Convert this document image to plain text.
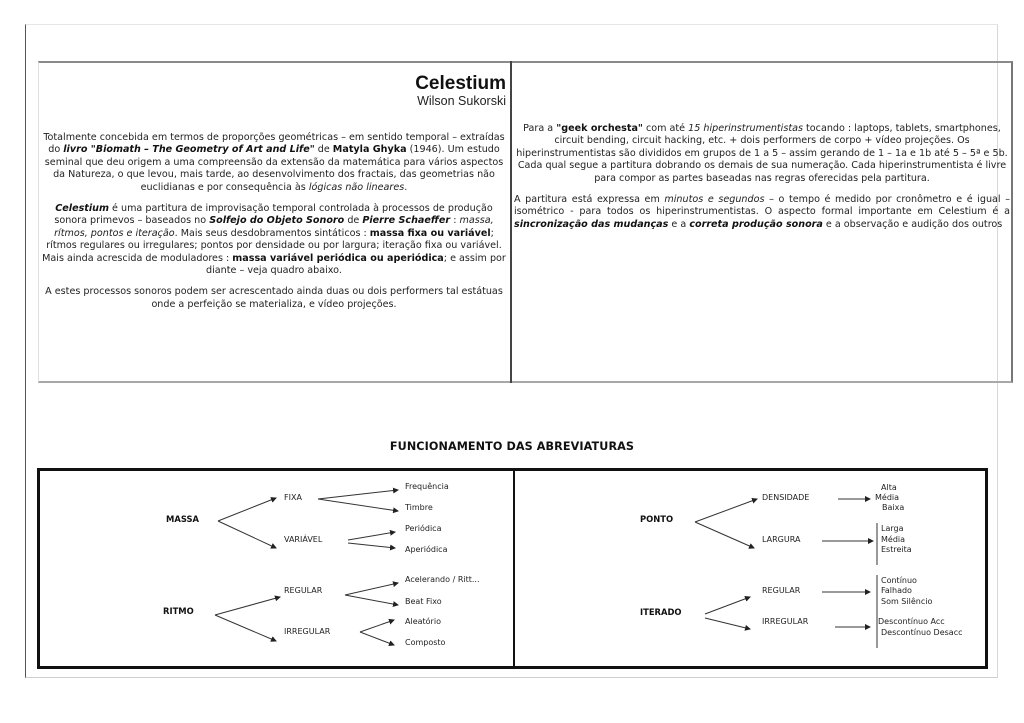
Celestium
Wilson Sukorski

Totalmente concebida em termos de proporções geométricas – em sentido temporal – extraídas do livro "Biomath – The Geometry of Art and Life" de Matyla Ghyka (1946). Um estudo seminal que deu origem a uma compreensão da extensão da matemática para vários aspectos da Natureza, o que levou, mais tarde, ao desenvolvimento dos fractais, das geometrias não euclidianas e por consequência às lógicas não lineares.

Celestium é uma partitura de improvisação temporal controlada à processos de produção sonora primevos – baseados no Solfejo do Objeto Sonoro de Pierre Schaeffer : massa, rítmos, pontos e iteração. Mais seus desdobramentos sintáticos : massa fixa ou variável; rítmos regulares ou irregulares; pontos por densidade ou por largura; iteração fixa ou variável. Mais ainda acrescida de moduladores : massa variável periódica ou aperiódica; e assim por diante – veja quadro abaixo.

A estes processos sonoros podem ser acrescentado ainda duas ou dois performers tal estátuas onde a perfeição se materializa, e vídeo projeções.

Para a "geek orchesta" com até 15 hiperinstrumentistas tocando : laptops, tablets, smartphones, circuit bending, circuit hacking, etc. + dois performers de corpo + vídeo projeções. Os hiperinstrumentistas são divididos em grupos de 1 a 5 – assim gerando de 1 – 1a e 1b até 5 – 5ª e 5b. Cada qual segue a partitura dobrando os demais de sua numeração. Cada hiperinstrumentista é livre para compor as partes baseadas nas regras oferecidas pela partitura.

A partitura está expressa em minutos e segundos – o tempo é medido por cronômetro e é igual – isométrico - para todos os hiperinstrumentistas. O aspecto formal importante em Celestium é a sincronização das mudanças e a correta produção sonora e a observação e audição dos outros

FUNCIONAMENTO DAS ABREVIATURAS
MASSA
FIXA
VARIÁVEL
Frequência
Timbre
Periódica
Aperiódica
RITMO
REGULAR
IRREGULAR
Acelerando / Ritt...
Beat Fixo
Aleatório
Composto
PONTO
DENSIDADE
LARGURA
Alta
Média
Baixa
Larga
Média
Estreita
ITERADO
REGULAR
IRREGULAR
Contínuo
Falhado
Som Silêncio
Descontínuo Acc
Descontínuo Desacc
